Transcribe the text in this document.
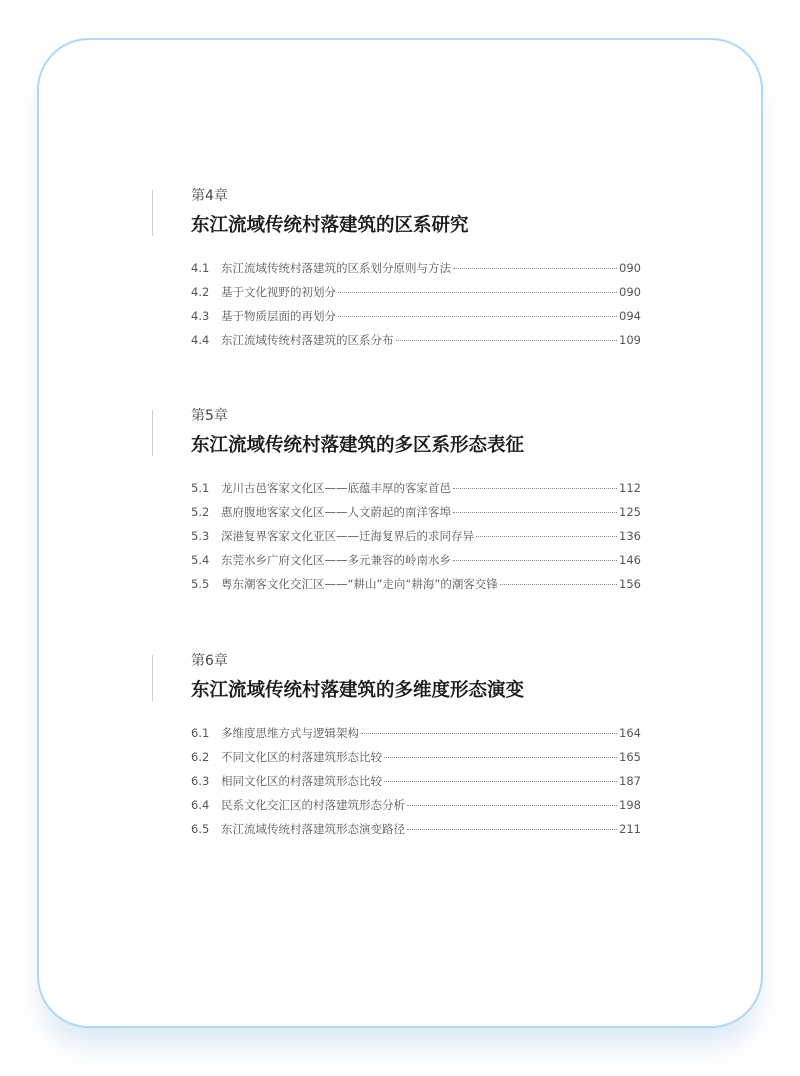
第4章
东江流域传统村落建筑的区系研究
4.1	东江流域传统村落建筑的区系划分原则与方法	090
4.2	基于文化视野的初划分	090
4.3	基于物质层面的再划分	094
4.4	东江流域传统村落建筑的区系分布	109
第5章
东江流域传统村落建筑的多区系形态表征
5.1	龙川古邑客家文化区——底蕴丰厚的客家首邑	112
5.2	惠府腹地客家文化区——人文蔚起的南洋客埠	125
5.3	深港复界客家文化亚区——迁海复界后的求同存异	136
5.4	东莞水乡广府文化区——多元兼容的岭南水乡	146
5.5	粤东潮客文化交汇区——“耕山”走向“耕海”的潮客交锋	156
第6章
东江流域传统村落建筑的多维度形态演变
6.1	多维度思维方式与逻辑架构	164
6.2	不同文化区的村落建筑形态比较	165
6.3	相同文化区的村落建筑形态比较	187
6.4	民系文化交汇区的村落建筑形态分析	198
6.5	东江流域传统村落建筑形态演变路径	211
